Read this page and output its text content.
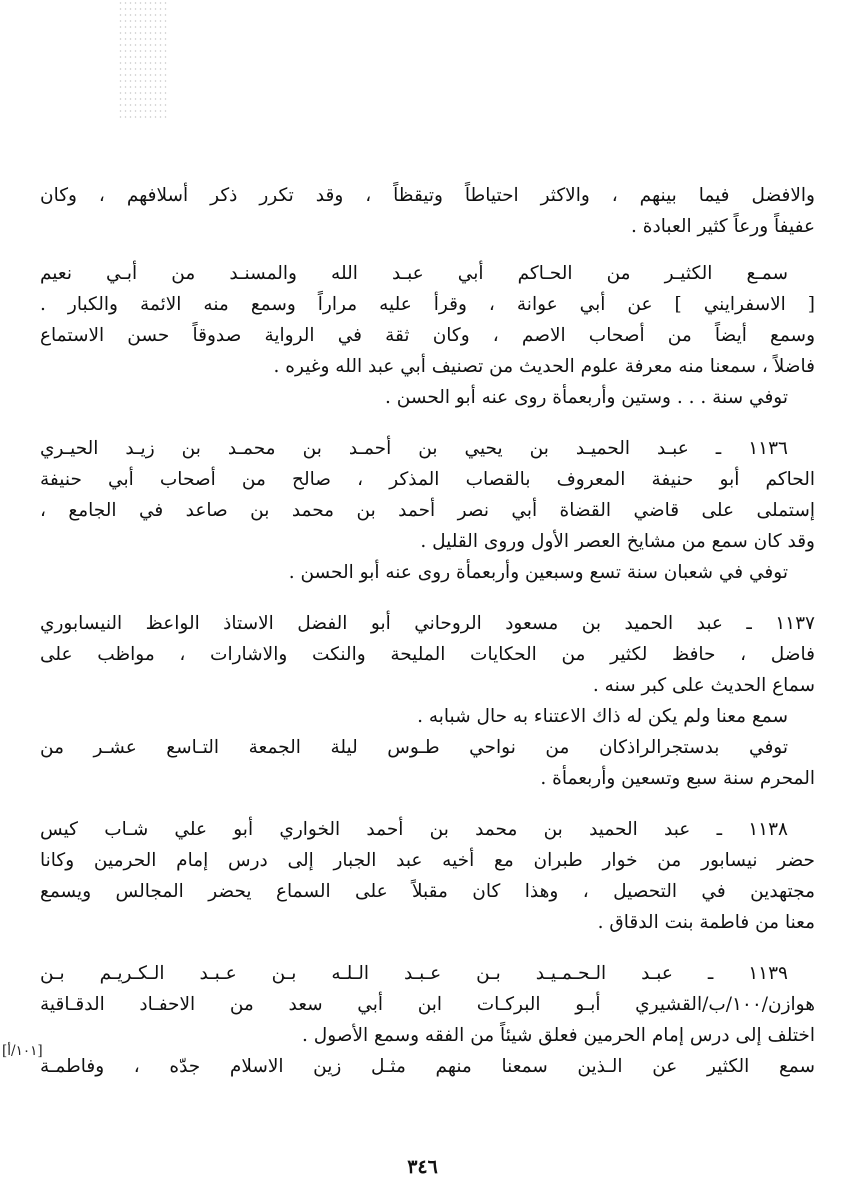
والافضل فيما بينهم ، والاكثر احتياطاً وتيقظاً ، وقد تكرر ذكر أسلافهم ، وكان
عفيفاً ورعاً كثير العبادة .
سمـع الكثيـر من الحـاكم أبي عبـد الله والمسنـد من أبـي نعيم
[ الاسفرايني ] عن أبي عوانة ، وقرأ عليه مراراً وسمع منه الائمة والكبار .
وسمع أيضاً من أصحاب الاصم ، وكان ثقة في الرواية صدوقاً حسن الاستماع
فاضلاً ، سمعنا منه معرفة علوم الحديث من تصنيف أبي عبد الله وغيره .
توفي سنة . . . وستين وأربعمأة روى عنه أبو الحسن .
١١٣٦ ـ عبـد الحميـد بن يحيي بن أحمـد بن محمـد بن زيـد الحيـري
الحاكم أبو حنيفة المعروف بالقصاب المذكر ، صالح من أصحاب أبي حنيفة
إستملى على قاضي القضاة أبي نصر أحمد بن محمد بن صاعد في الجامع ،
وقد كان سمع من مشايخ العصر الأول وروى القليل .
توفي في شعبان سنة تسع وسبعين وأربعمأة روى عنه أبو الحسن .
١١٣٧ ـ عبد الحميد بن مسعود الروحاني أبو الفضل الاستاذ الواعظ النيسابوري
فاضل ، حافظ لكثير من الحكايات المليحة والنكت والاشارات ، مواظب على
سماع الحديث على كبر سنه .
سمع معنا ولم يكن له ذاك الاعتناء به حال شبابه .
توفي بدستجرالراذكان من نواحي طـوس ليلة الجمعة التـاسع عشـر من
المحرم سنة سبع وتسعين وأربعمأة .
١١٣٨ ـ عبد الحميد بن محمد بن أحمد الخواري أبو علي شـاب كيس
حضر نيسابور من خوار طبران مع أخيه عبد الجبار إلى درس إمام الحرمين وكانا
مجتهدين في التحصيل ، وهذا كان مقبلاً على السماع يحضر المجالس ويسمع
معنا من فاطمة بنت الدقاق .
١١٣٩ ـ عبـد الـحـمـيـد بـن عـبـد الـلـه بـن عـبـد الـكـريـم بـن
هوازن/١٠٠/ب/القشيري أبـو البركـات ابن أبي سعد من الاحفـاد الدقـاقية
اختلف إلى درس إمام الحرمين فعلق شيئاً من الفقه وسمع الأصول .
سمع الكثير عن الـذين سمعنا منهم مثـل زين الاسلام جدّه ، وفاطمـة
[١٠١/أ]
٣٤٦
